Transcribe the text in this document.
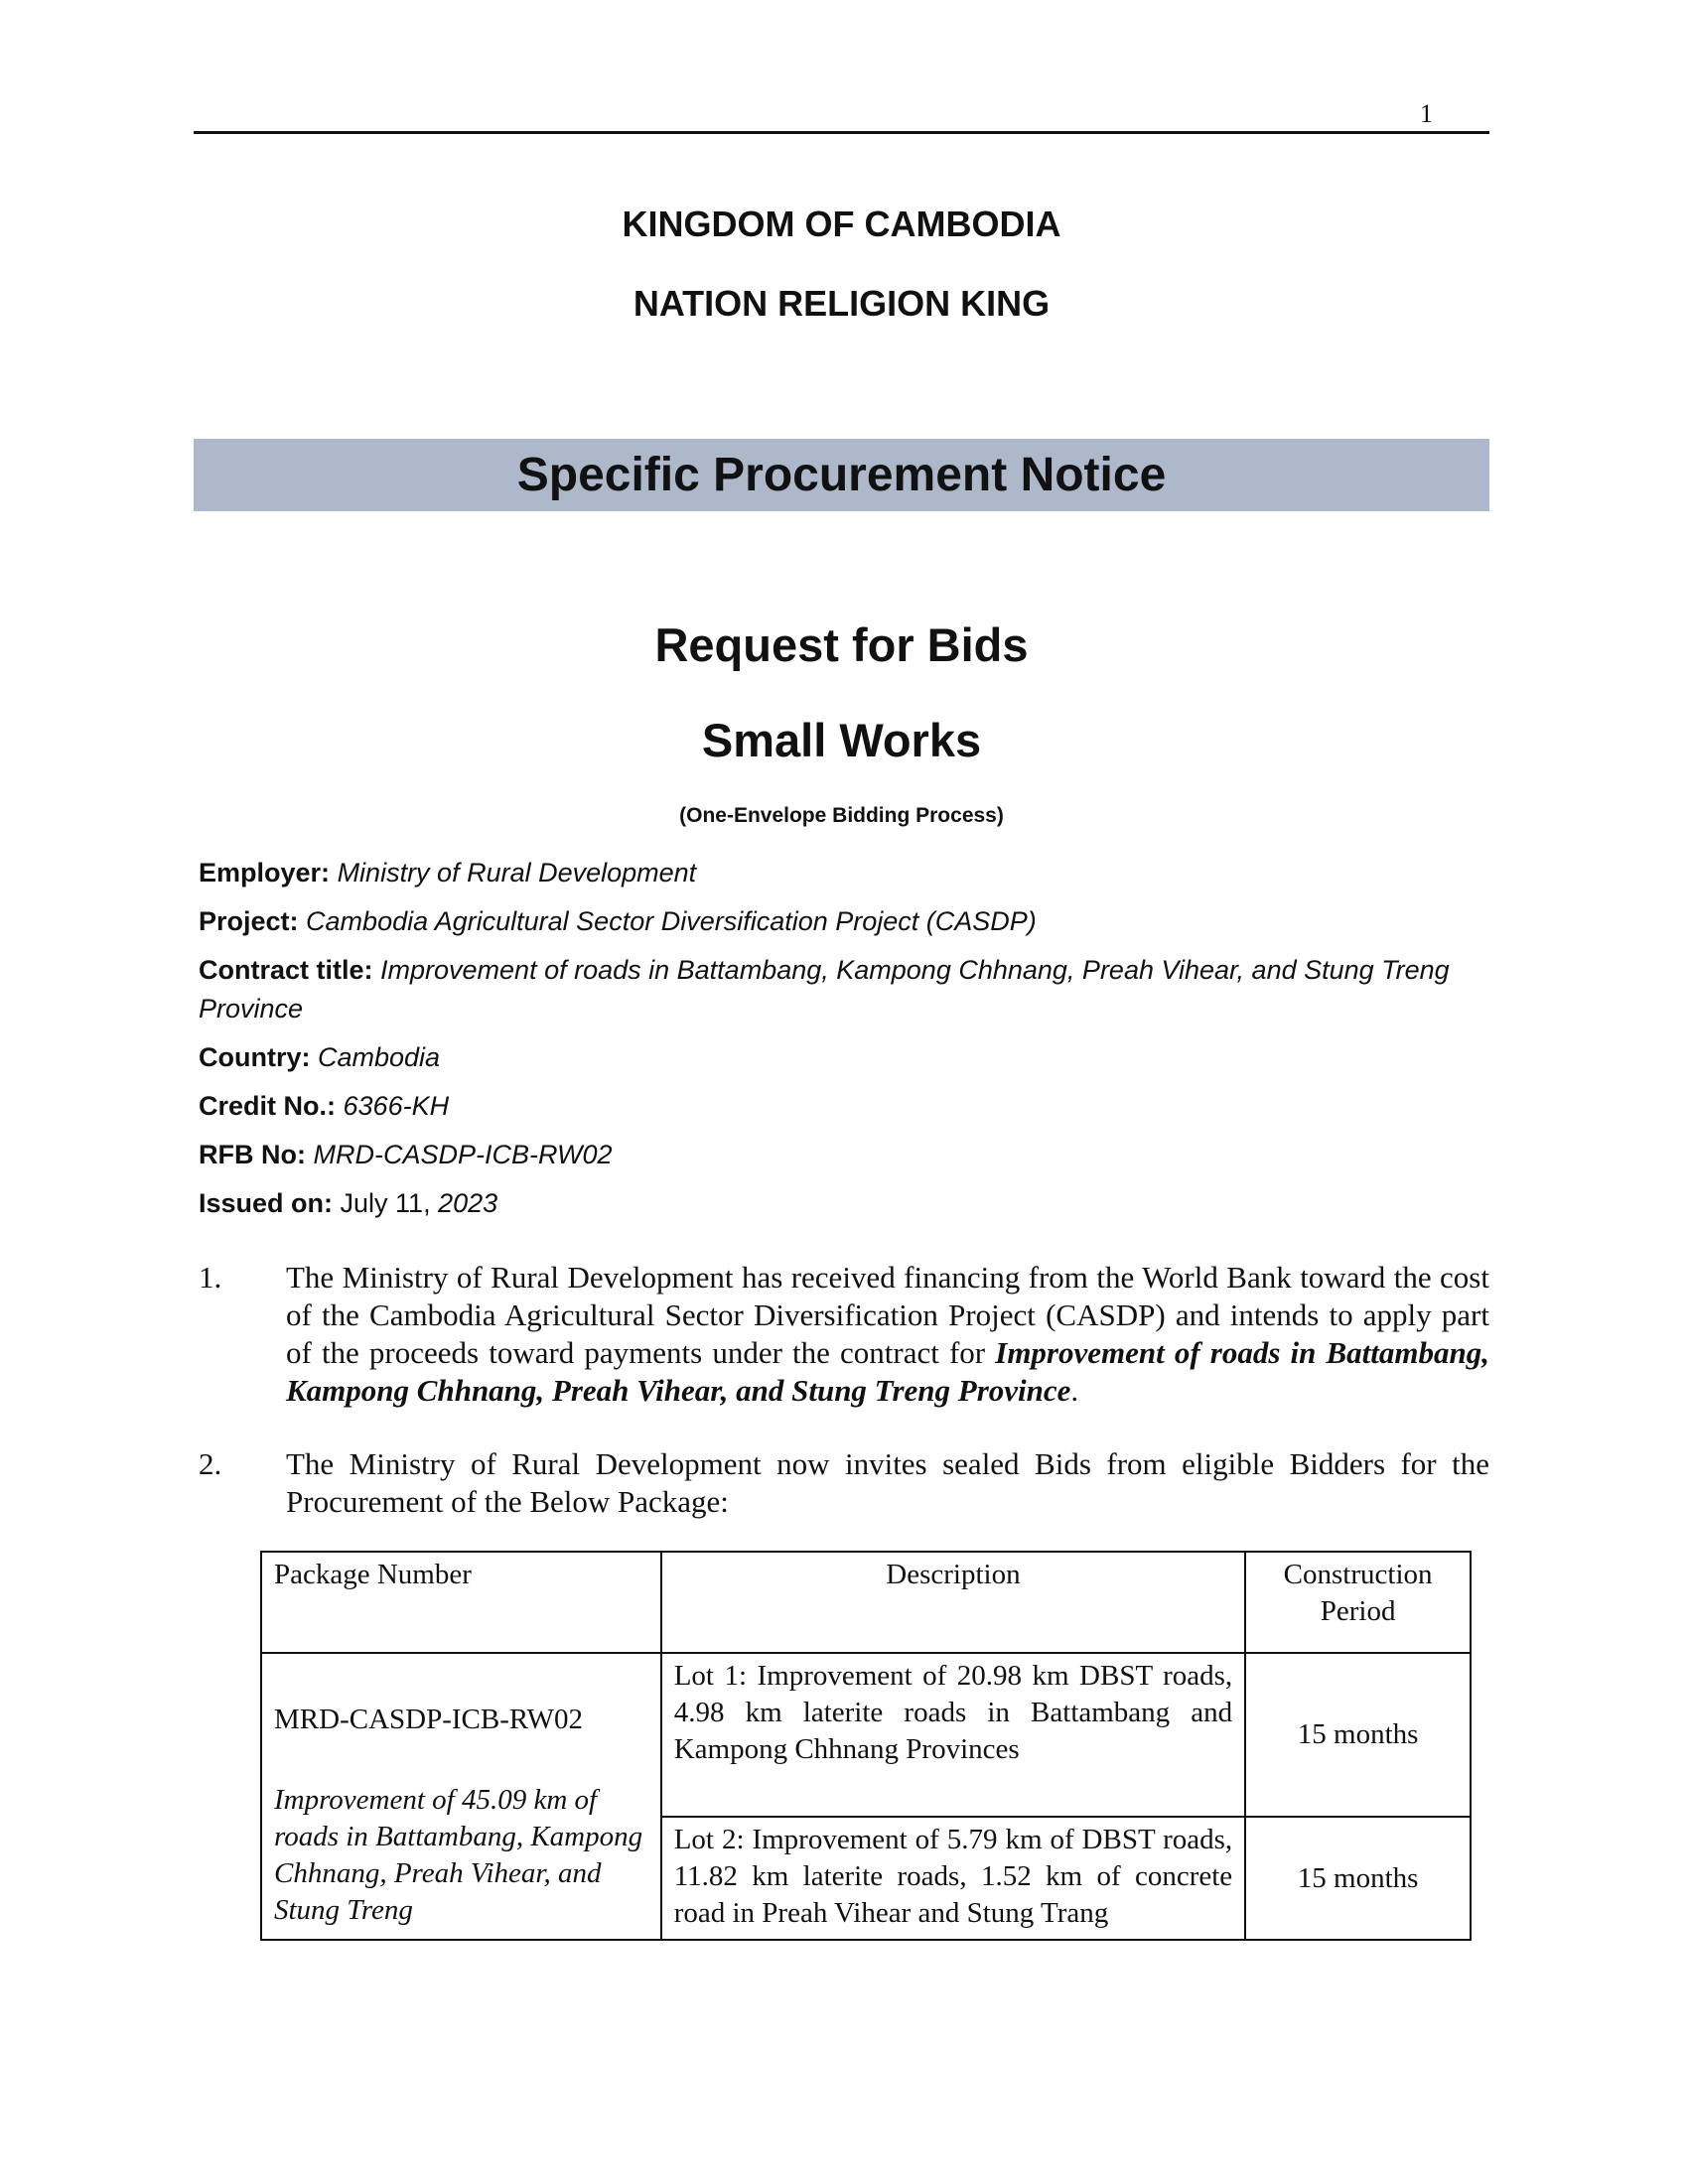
1
KINGDOM OF CAMBODIA
NATION RELIGION KING
Specific Procurement Notice
Request for Bids
Small Works
(One-Envelope Bidding Process)
Employer: Ministry of Rural Development
Project: Cambodia Agricultural Sector Diversification Project (CASDP)
Contract title: Improvement of roads in Battambang, Kampong Chhnang, Preah Vihear, and Stung Treng Province
Country: Cambodia
Credit No.: 6366-KH
RFB No: MRD-CASDP-ICB-RW02
Issued on: July 11, 2023
1. The Ministry of Rural Development has received financing from the World Bank toward the cost of the Cambodia Agricultural Sector Diversification Project (CASDP) and intends to apply part of the proceeds toward payments under the contract for Improvement of roads in Battambang, Kampong Chhnang, Preah Vihear, and Stung Treng Province.
2. The Ministry of Rural Development now invites sealed Bids from eligible Bidders for the Procurement of the Below Package:
Package Number	Description	Construction Period

MRD-CASDP-ICB-RW02
Improvement of 45.09 km of roads in Battambang, Kampong Chhnang, Preah Vihear, and Stung Treng	Lot 1: Improvement of 20.98 km DBST roads, 4.98 km laterite roads in Battambang and Kampong Chhnang Provinces	15 months
	Lot 2: Improvement of 5.79 km of DBST roads, 11.82 km laterite roads, 1.52 km of concrete road in Preah Vihear and Stung Trang	15 months
